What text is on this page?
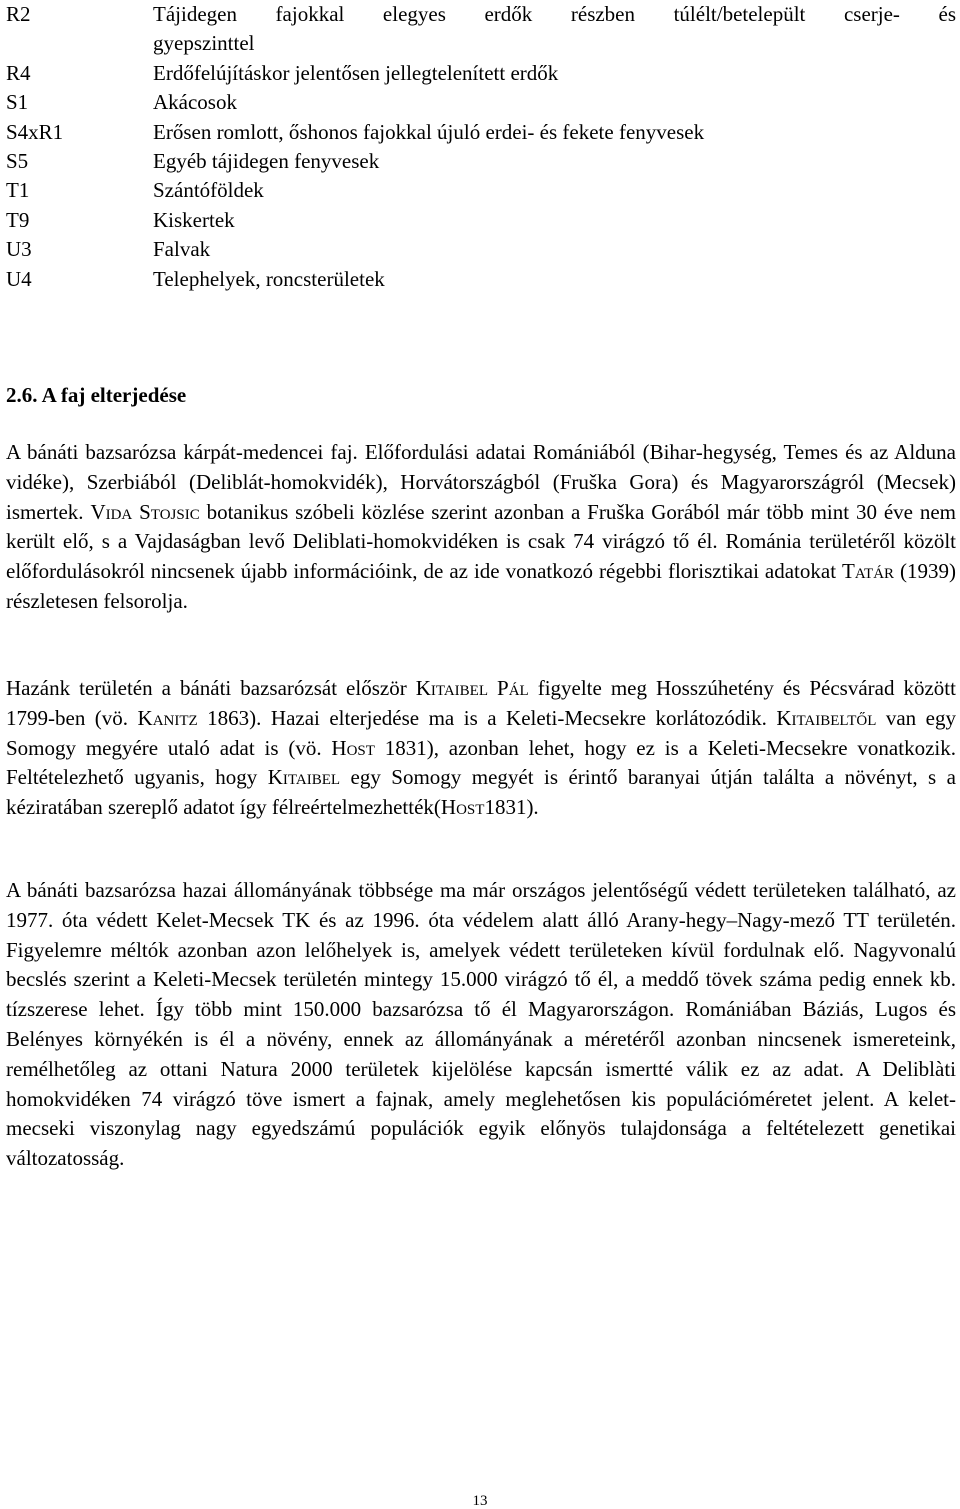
R2	Tájidegen fajokkal elegyes erdők részben túlélt/betelepült cserje- és
gyepszinttel
R4	Erdőfelújításkor jelentősen jellegtelenített erdők
S1	Akácosok
S4xR1	Erősen romlott, őshonos fajokkal újuló erdei- és fekete fenyvesek
S5	Egyéb tájidegen fenyvesek
T1	Szántóföldek
T9	Kiskertek
U3	Falvak
U4	Telephelyek, roncsterületek
2.6. A faj elterjedése

A bánáti bazsarózsa kárpát-medencei faj. Előfordulási adatai Romániából (Bihar-hegység, Temes és az Alduna vidéke), Szerbiából (Deliblát-homokvidék), Horvátországból (Fruška Gora) és Magyarországról (Mecsek) ismertek. Vida Stojsic botanikus szóbeli közlése szerint azonban a Fruška Gorából már több mint 30 éve nem került elő, s a Vajdaságban levő Deliblati-homokvidéken is csak 74 virágzó tő él. Románia területéről közölt előfordulásokról nincsenek újabb információink, de az ide vonatkozó régebbi florisztikai adatokat Tatár (1939) részletesen felsorolja.

Hazánk területén a bánáti bazsarózsát először Kitaibel Pál figyelte meg Hosszúhetény és Pécsvárad között 1799-ben (vö. Kanitz 1863). Hazai elterjedése ma is a Keleti-Mecsekre korlátozódik. Kitaibeltől van egy Somogy megyére utaló adat is (vö. Host 1831), azonban lehet, hogy ez is a Keleti-Mecsekre vonatkozik. Feltételezhető ugyanis, hogy Kitaibel egy Somogy megyét is érintő baranyai útján találta a növényt, s a kéziratában szereplő adatot így félreértelmezhették(Host1831).

A bánáti bazsarózsa hazai állományának többsége ma már országos jelentőségű védett területeken található, az 1977. óta védett Kelet-Mecsek TK és az 1996. óta védelem alatt álló Arany-hegy–Nagy-mező TT területén. Figyelemre méltók azonban azon lelőhelyek is, amelyek védett területeken kívül fordulnak elő. Nagyvonalú becslés szerint a Keleti-Mecsek területén mintegy 15.000 virágzó tő él, a meddő tövek száma pedig ennek kb. tízszerese lehet. Így több mint 150.000 bazsarózsa tő él Magyarországon. Romániában Báziás, Lugos és Belényes környékén is él a növény, ennek az állományának a méretéről azonban nincsenek ismereteink, remélhetőleg az ottani Natura 2000 területek kijelölése kapcsán ismertté válik ez az adat. A Deliblàti homokvidéken 74 virágzó töve ismert a fajnak, amely meglehetősen kis populációméretet jelent. A kelet-mecseki viszonylag nagy egyedszámú populációk egyik előnyös tulajdonsága a feltételezett genetikai változatosság.

13
